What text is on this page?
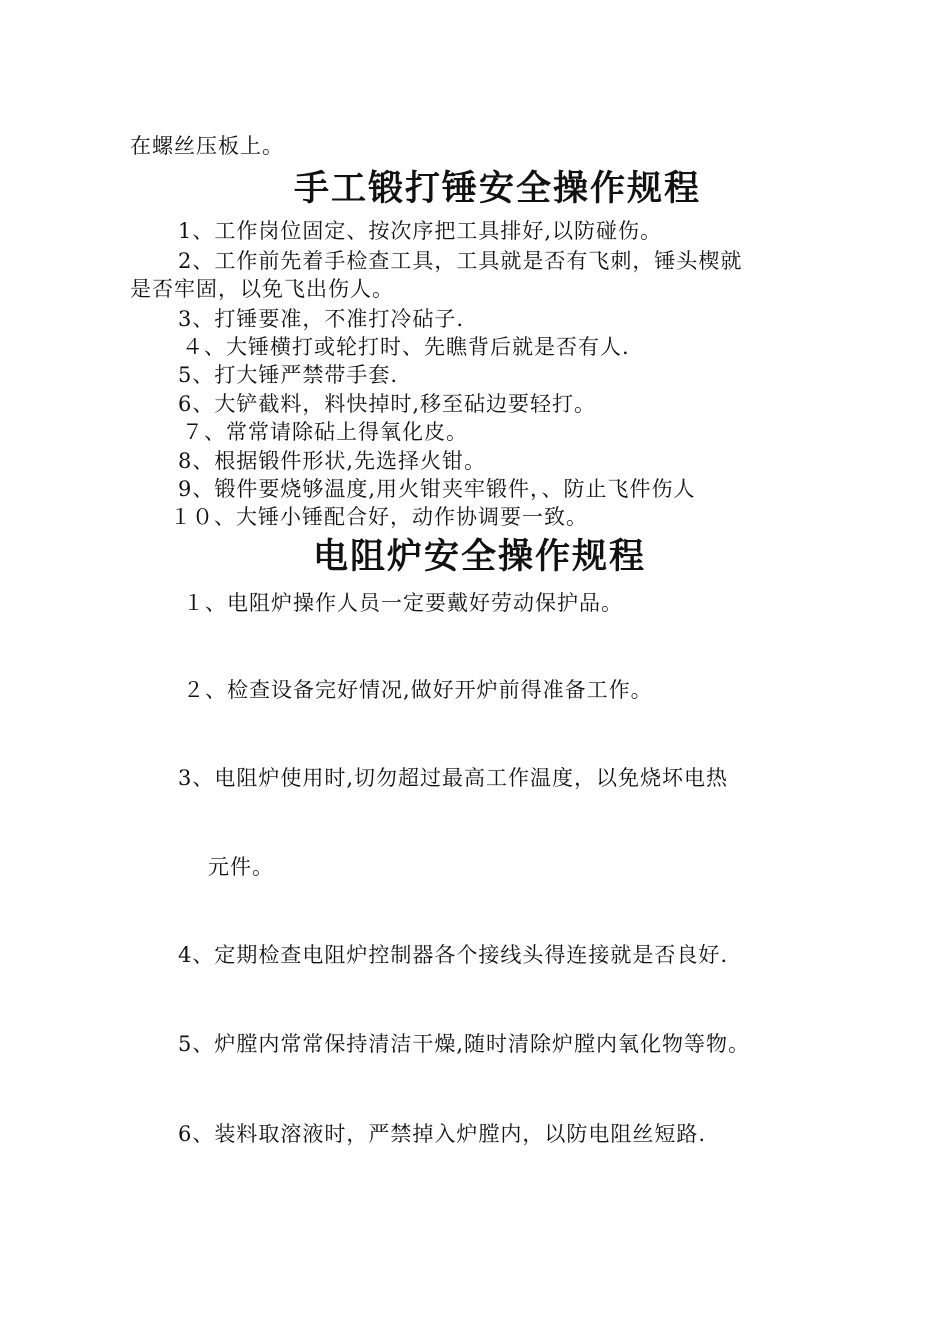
在螺丝压板上。
手工锻打锤安全操作规程
1、工作岗位固定、按次序把工具排好,以防碰伤。
2、工作前先着手检查工具，工具就是否有飞刺，锤头楔就
是否牢固，以免飞出伤人。
3、打锤要准，不准打冷砧子.
４、大锤横打或轮打时、先瞧背后就是否有人.
5、打大锤严禁带手套.
6、大铲截料，料快掉时,移至砧边要轻打。
７、常常请除砧上得氧化皮。
8、根据锻件形状,先选择火钳。
9、锻件要烧够温度,用火钳夹牢锻件，、防止飞件伤人
１０、大锤小锤配合好，动作协调要一致。
电阻炉安全操作规程
１、电阻炉操作人员一定要戴好劳动保护品。
２、检查设备完好情况,做好开炉前得准备工作。
3、电阻炉使用时,切勿超过最高工作温度，以免烧坏电热
元件。
4、定期检查电阻炉控制器各个接线头得连接就是否良好.
5、炉膛内常常保持清洁干燥,随时清除炉膛内氧化物等物。
6、装料取溶液时，严禁掉入炉膛内，以防电阻丝短路.
